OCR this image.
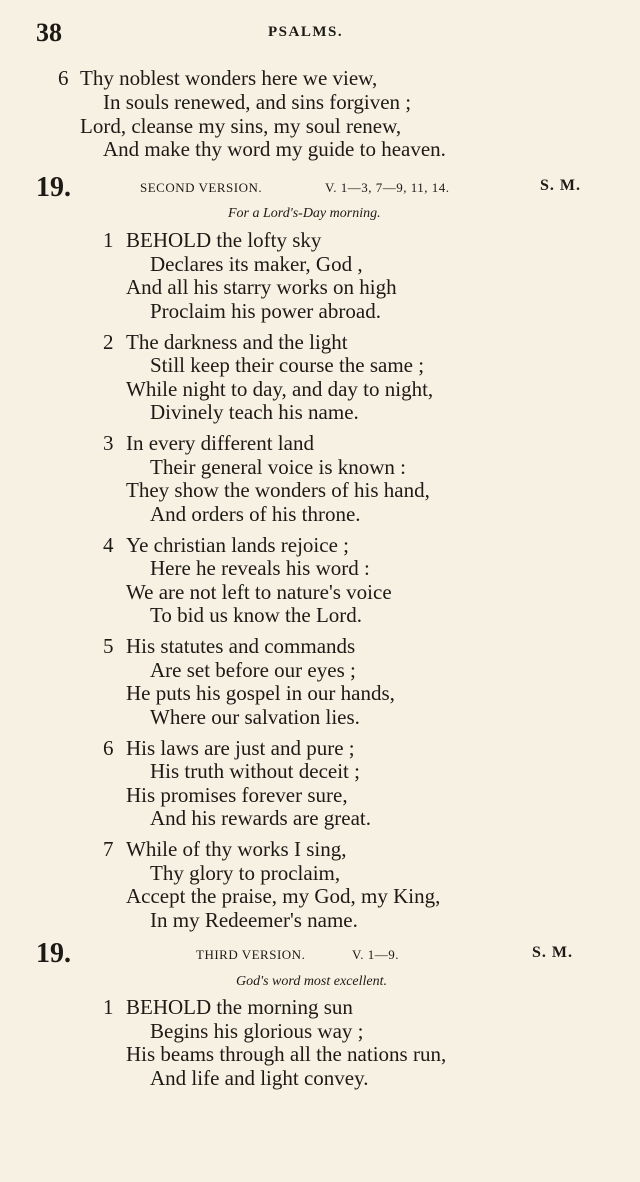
38	PSALMS.
6 Thy noblest wonders here we view,
In souls renewed, and sins forgiven ;
Lord, cleanse my sins, my soul renew,
And make thy word my guide to heaven.
19.	SECOND VERSION.	V. 1—3, 7—9, 11, 14.	S. M.
For a Lord's-Day morning.
1 BEHOLD the lofty sky
Declares its maker, God ,
And all his starry works on high
Proclaim his power abroad.
2 The darkness and the light
Still keep their course the same ;
While night to day, and day to night,
Divinely teach his name.
3 In every different land
Their general voice is known :
They show the wonders of his hand,
And orders of his throne.
4 Ye christian lands rejoice ;
Here he reveals his word :
We are not left to nature's voice
To bid us know the Lord.
5 His statutes and commands
Are set before our eyes ;
He puts his gospel in our hands,
Where our salvation lies.
6 His laws are just and pure ;
His truth without deceit ;
His promises forever sure,
And his rewards are great.
7 While of thy works I sing,
Thy glory to proclaim,
Accept the praise, my God, my King,
In my Redeemer's name.
19.	THIRD VERSION.	V. 1—9.	S. M.
God's word most excellent.
1 BEHOLD the morning sun
Begins his glorious way ;
His beams through all the nations run,
And life and light convey.
